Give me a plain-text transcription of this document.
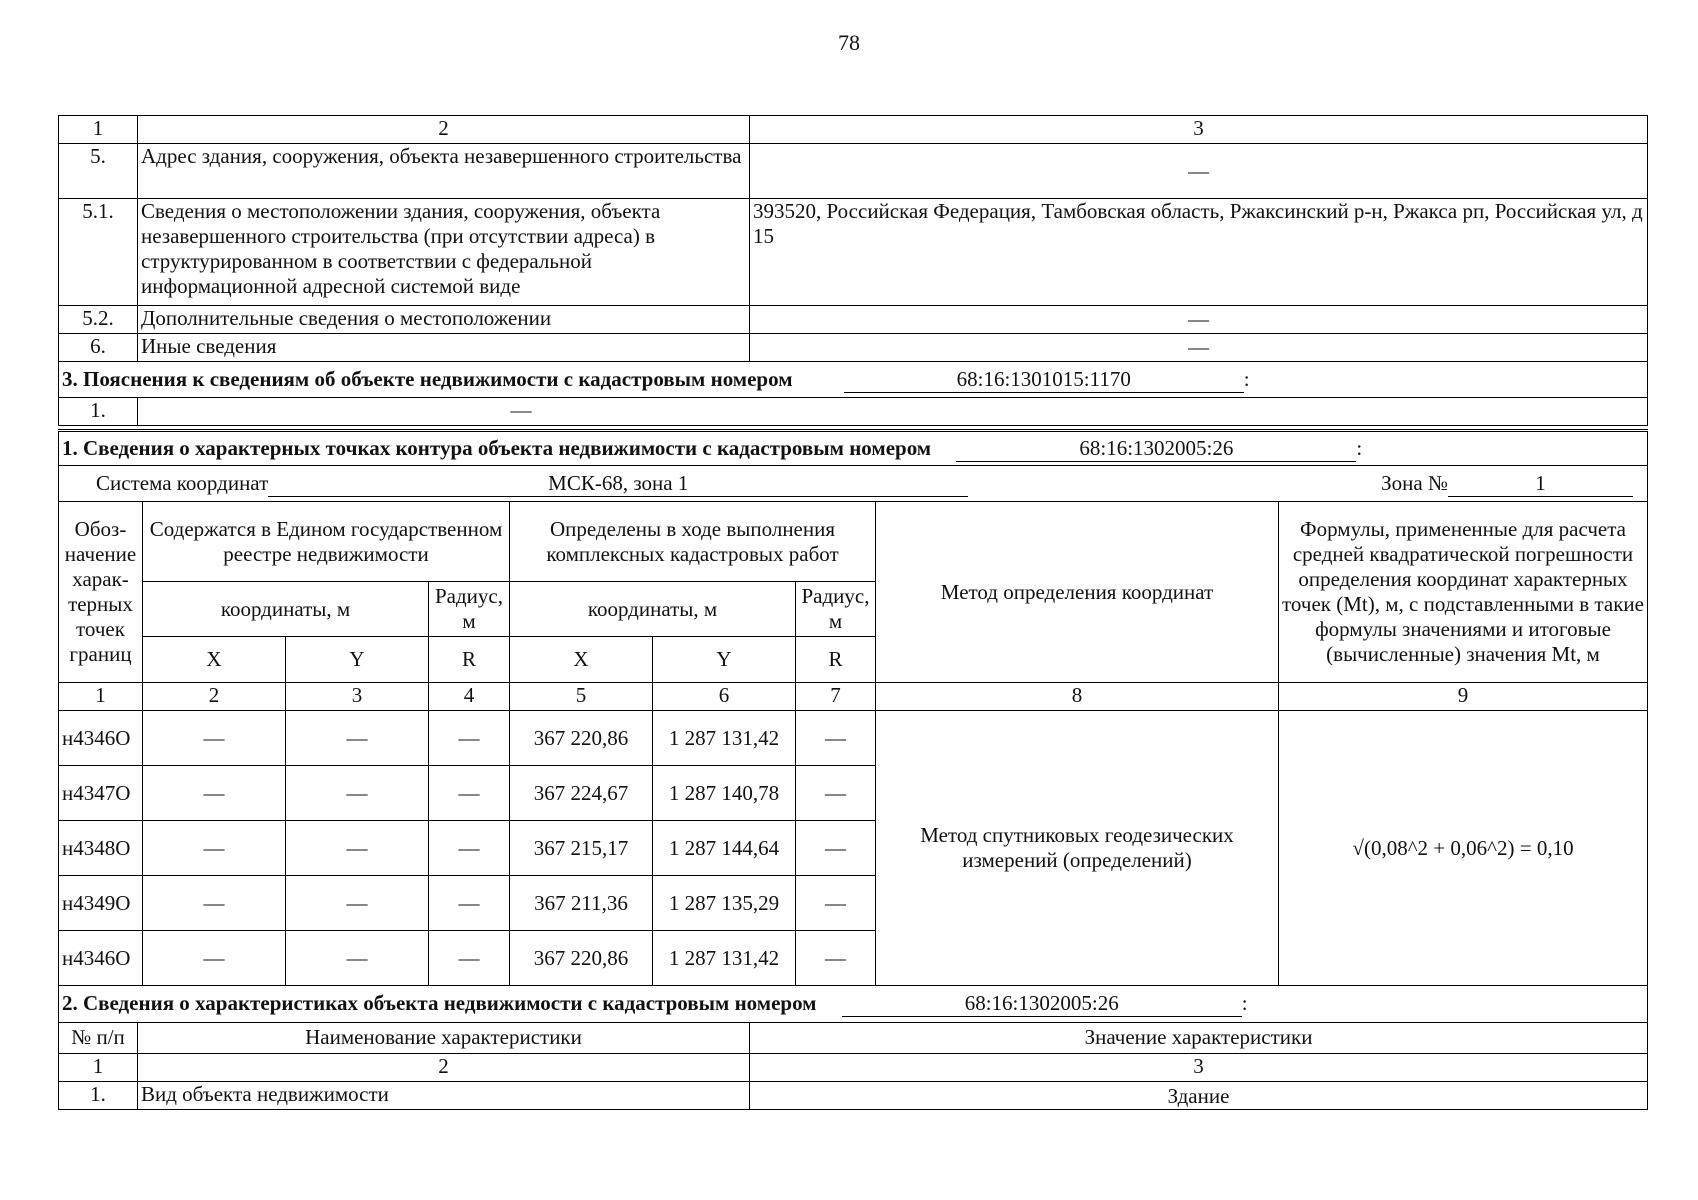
78
1	2	3
5.	Адрес здания, сооружения, объекта незавершенного строительства	—
5.1.	Сведения о местоположении здания, сооружения, объекта незавершенного строительства (при отсутствии адреса) в структурированном в соответствии с федеральной информационной адресной системой виде	393520, Российская Федерация, Тамбовская область, Ржаксинский р-н, Ржакса рп, Российская ул, д 15
5.2.	Дополнительные сведения о местоположении	—
6.	Иные сведения	—
3. Пояснения к сведениям об объекте недвижимости с кадастровым номером 68:16:1301015:1170 :		
1.	—	
1. Сведения о характерных точках контура объекта недвижимости с кадастровым номером 68:16:1302005:26 :								
Система координат МСК-68, зона 1 Зона № 1								

Обоз-начение харак-терных точек границ	Содержатся в Едином государственном реестре недвижимости			Определены в ходе выполнения комплексных кадастровых работ			Метод определения координат	Формулы, примененные для расчета средней квадратической погрешности определения координат характерных точек (Mt), м, с подставленными в такие формулы значениями и итоговые (вычисленные) значения Mt, м
	координаты, м		Радиус, м	координаты, м		Радиус, м		
	X	Y	R	X	Y	R		
1	2	3	4	5	6	7	8	9
н4346О	—	—	—	367 220,86	1 287 131,42	—	Метод спутниковых геодезических измерений (определений)	√(0,08^2 + 0,06^2) = 0,10
н4347О	—	—	—	367 224,67	1 287 140,78	—		
н4348О	—	—	—	367 215,17	1 287 144,64	—		
н4349О	—	—	—	367 211,36	1 287 135,29	—		
н4346О	—	—	—	367 220,86	1 287 131,42	—		
2. Сведения о характеристиках объекта недвижимости с кадастровым номером 68:16:1302005:26 :		
№ п/п	Наименование характеристики	Значение характеристики
1	2	3
1.	Вид объекта недвижимости	Здание
